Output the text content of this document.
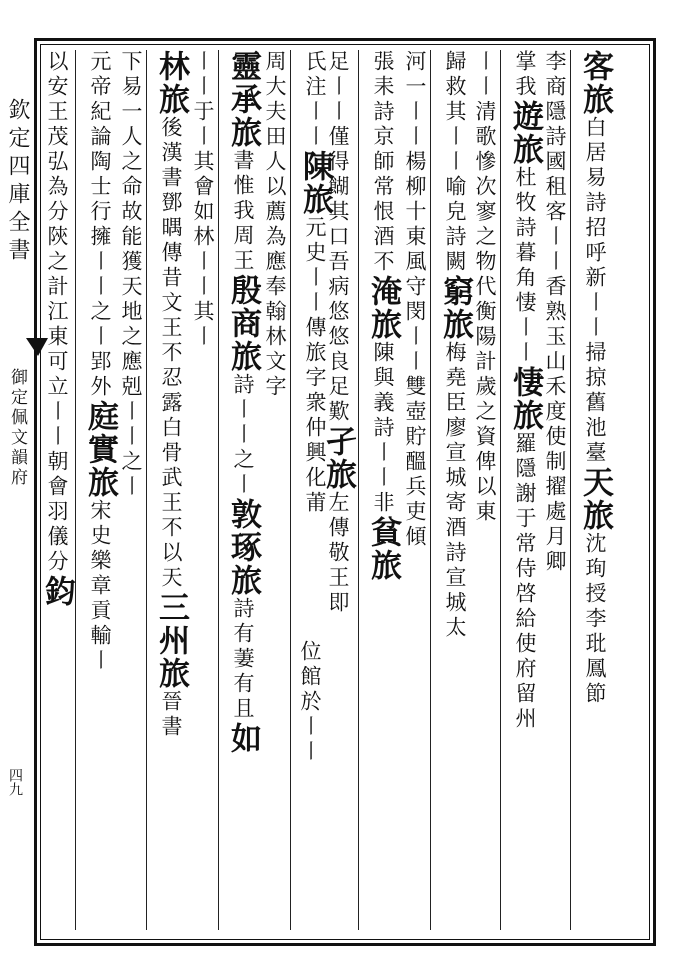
欽定四庫全書
御定佩文韻府
四九
客旅白居易詩招呼新〡〡掃掠舊池臺天旅沈珣授李玭鳳節
李商隱詩國租客〡〡香熟玉山禾度使制擢處月卿
掌我遊旅杜牧詩暮角悽〡〡悽旅羅隱謝于常侍啓給使府留州
〡〡清歌慘次寥之物代衡陽計歲之資俾以東
歸救其〡〡喻皃詩闕窮旅梅堯臣廖宣城寄酒詩宣城太
河一〡〡楊柳十東風守閔〡〡雙壺貯醞兵吏傾
張耒詩京師常恨酒不淹旅陳與義詩〡〡非貧旅
足〡〡僅得餬其口吾病悠悠良足歎孑旅左傳敬王即
位館於〡〡
氏注〡〡陳旅元史〡〡傳旅字衆仲興化莆
周大夫田人以薦為應奉翰林文字
靈承旅書惟我周王殷商旅詩〡〡之〡敦琢旅詩有萋有且如
〡〡于〡其會如林〡〡其〡
林旅後漢書鄧㬂傳昔文王不忍露白骨武王不以天三州旅晉書
下易一人之命故能獲天地之應剋〡〡之〡
元帝紀論陶士行擁〡〡之〡郢外庭實旅宋史樂章貢輸〡
以安王茂弘為分陝之計江東可立〡〡朝會羽儀分鈞
